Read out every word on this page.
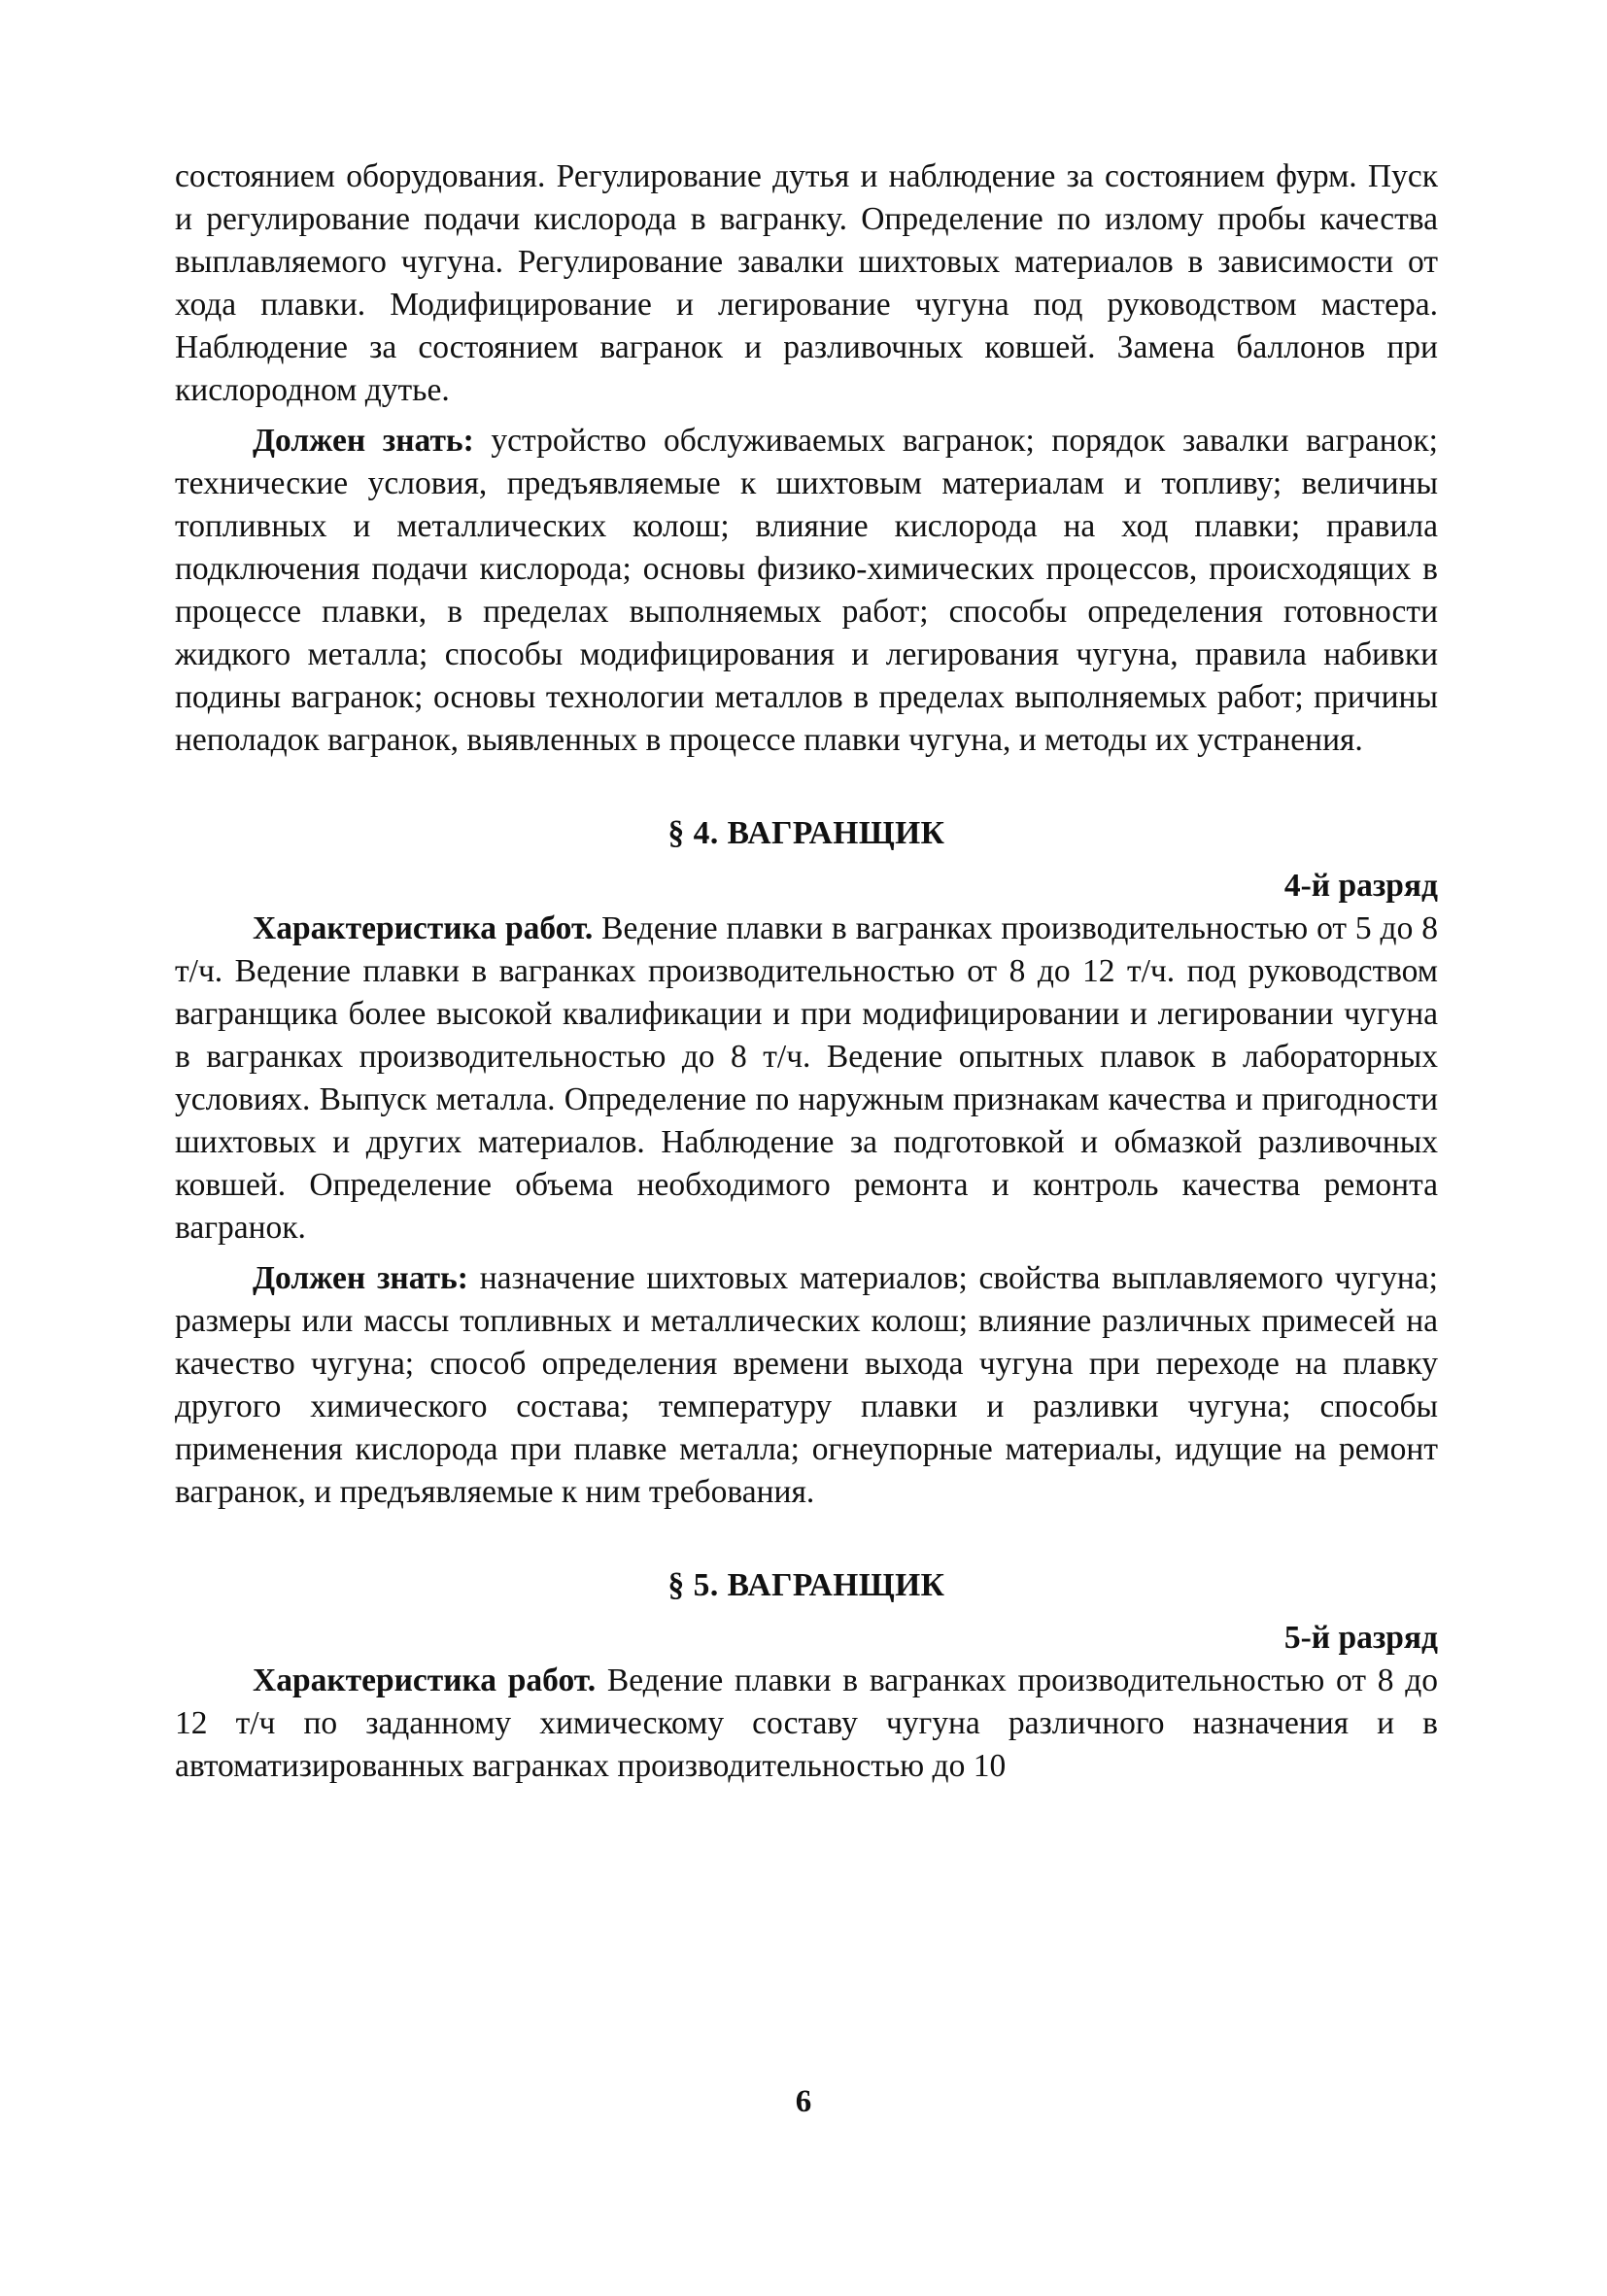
состоянием оборудования. Регулирование дутья и наблюдение за состоянием фурм. Пуск и регулирование подачи кислорода в вагранку. Определение по излому пробы качества выплавляемого чугуна. Регулирование завалки шихтовых материалов в зависимости от хода плавки. Модифицирование и легирование чугуна под руководством мастера. Наблюдение за состоянием вагранок и разливочных ковшей. Замена баллонов при кислородном дутье.

Должен знать: устройство обслуживаемых вагранок; порядок завалки вагранок; технические условия, предъявляемые к шихтовым материалам и топливу; величины топливных и металлических колош; влияние кислорода на ход плавки; правила подключения подачи кислорода; основы физико-химических процессов, происходящих в процессе плавки, в пределах выполняемых работ; способы определения готовности жидкого металла; способы модифицирования и легирования чугуна, правила набивки подины вагранок; основы технологии металлов в пределах выполняемых работ; причины неполадок вагранок, выявленных в процессе плавки чугуна, и методы их устранения.

§ 4. ВАГРАНЩИК

4-й разряд

Характеристика работ. Ведение плавки в вагранках производительностью от 5 до 8 т/ч. Ведение плавки в вагранках производительностью от 8 до 12 т/ч. под руководством вагранщика более высокой квалификации и при модифицировании и легировании чугуна в вагранках производительностью до 8 т/ч. Ведение опытных плавок в лабораторных условиях. Выпуск металла. Определение по наружным признакам качества и пригодности шихтовых и других материалов. Наблюдение за подготовкой и обмазкой разливочных ковшей. Определение объема необходимого ремонта и контроль качества ремонта вагранок.

Должен знать: назначение шихтовых материалов; свойства выплавляемого чугуна; размеры или массы топливных и металлических колош; влияние различных примесей на качество чугуна; способ определения времени выхода чугуна при переходе на плавку другого химического состава; температуру плавки и разливки чугуна; способы применения кислорода при плавке металла; огнеупорные материалы, идущие на ремонт вагранок, и предъявляемые к ним требования.

§ 5. ВАГРАНЩИК

5-й разряд

Характеристика работ. Ведение плавки в вагранках производительностью от 8 до 12 т/ч по заданному химическому составу чугуна различного назначения и в автоматизированных вагранках производительностью до 10

6
